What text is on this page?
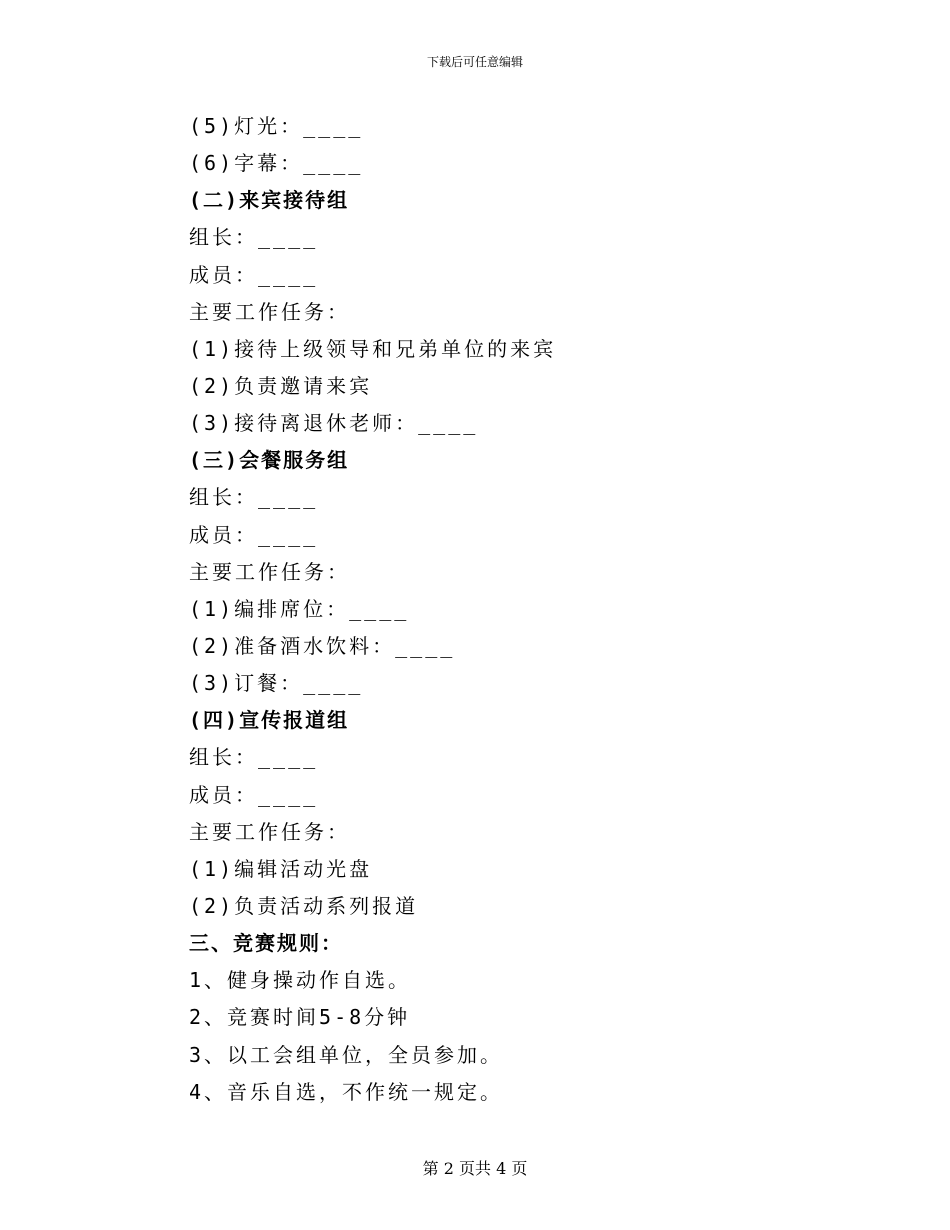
下载后可任意编辑
(5)灯光：____
(6)字幕：____
(二)来宾接待组
组长：____
成员：____
主要工作任务：
(1)接待上级领导和兄弟单位的来宾
(2)负责邀请来宾
(3)接待离退休老师：____
(三)会餐服务组
组长：____
成员：____
主要工作任务：
(1)编排席位：____
(2)准备酒水饮料：____
(3)订餐：____
(四)宣传报道组
组长：____
成员：____
主要工作任务：
(1)编辑活动光盘
(2)负责活动系列报道
三、竞赛规则：
1、健身操动作自选。
2、竞赛时间5-8分钟
3、以工会组单位，全员参加。
4、音乐自选，不作统一规定。
第 2 页共 4 页
